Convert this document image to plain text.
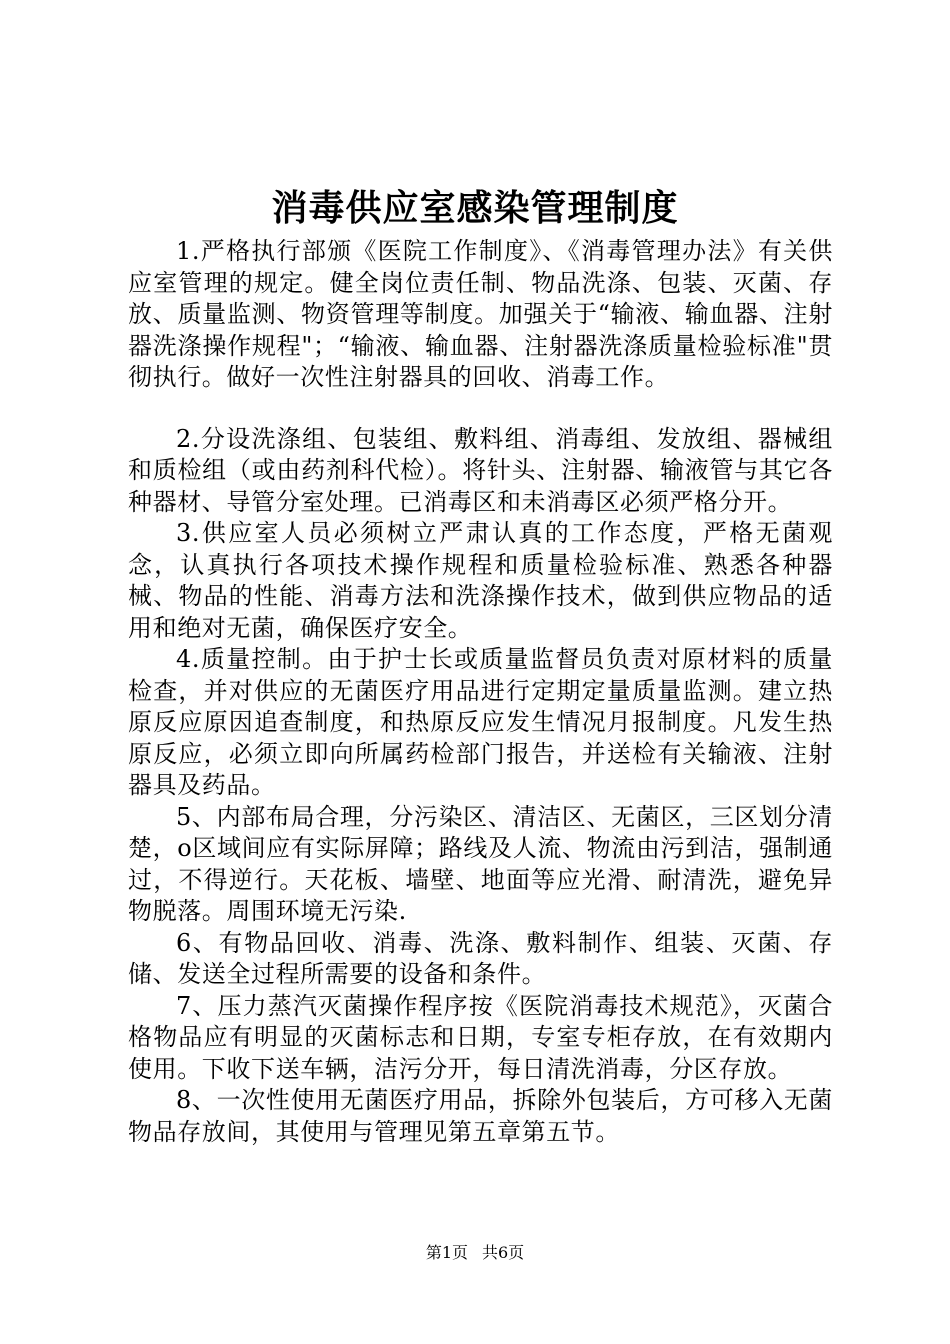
消毒供应室感染管理制度

1.严格执行部颁《医院工作制度》、《消毒管理办法》有关供应室管理的规定。健全岗位责任制、物品洗涤、包装、灭菌、存放、质量监测、物资管理等制度。加强关于“输液、输血器、注射器洗涤操作规程"；“输液、输血器、注射器洗涤质量检验标准"贯彻执行。做好一次性注射器具的回收、消毒工作。

2.分设洗涤组、包装组、敷料组、消毒组、发放组、器械组和质检组（或由药剂科代检）。将针头、注射器、输液管与其它各种器材、导管分室处理。已消毒区和未消毒区必须严格分开。

3.供应室人员必须树立严肃认真的工作态度，严格无菌观念，认真执行各项技术操作规程和质量检验标准、熟悉各种器械、物品的性能、消毒方法和洗涤操作技术，做到供应物品的适用和绝对无菌，确保医疗安全。

4.质量控制。由于护士长或质量监督员负责对原材料的质量检查，并对供应的无菌医疗用品进行定期定量质量监测。建立热原反应原因追查制度，和热原反应发生情况月报制度。凡发生热原反应，必须立即向所属药检部门报告，并送检有关输液、注射器具及药品。

5、内部布局合理，分污染区、清洁区、无菌区，三区划分清楚，o区域间应有实际屏障；路线及人流、物流由污到洁，强制通过，不得逆行。天花板、墙壁、地面等应光滑、耐清洗，避免异物脱落。周围环境无污染.

6、有物品回收、消毒、洗涤、敷料制作、组装、灭菌、存储、发送全过程所需要的设备和条件。

7、压力蒸汽灭菌操作程序按《医院消毒技术规范》，灭菌合格物品应有明显的灭菌标志和日期，专室专柜存放，在有效期内使用。下收下送车辆，洁污分开，每日清洗消毒，分区存放。

8、一次性使用无菌医疗用品，拆除外包装后，方可移入无菌物品存放间，其使用与管理见第五章第五节。

第1页 共6页
